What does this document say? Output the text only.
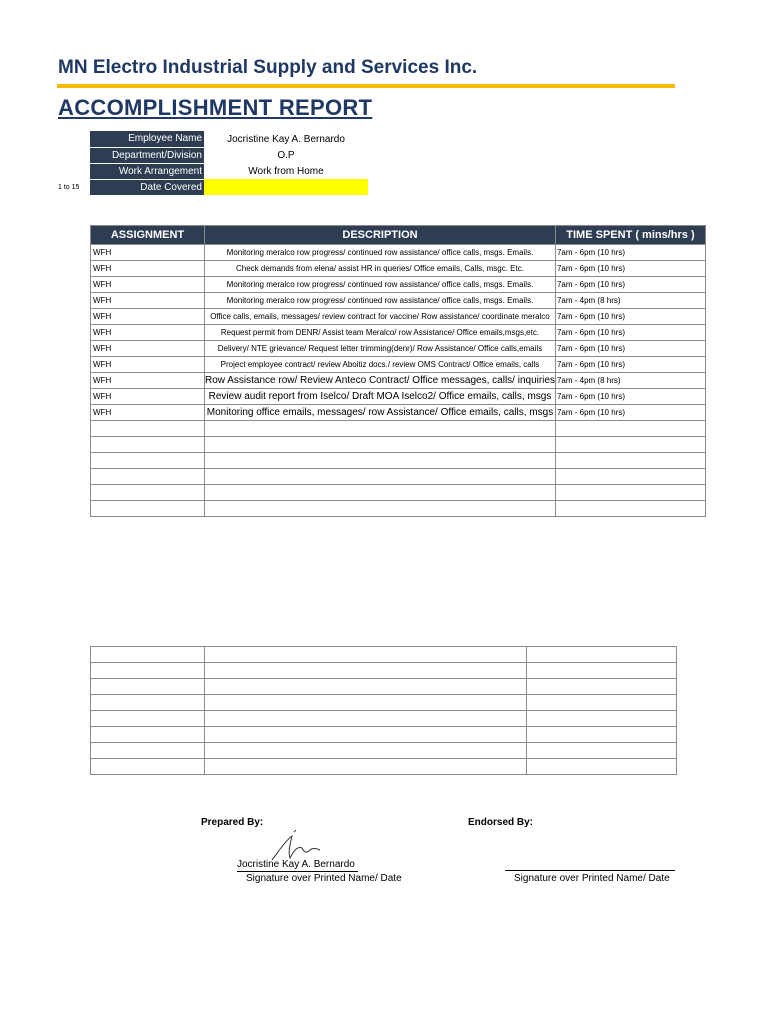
MN Electro Industrial Supply and Services Inc.
ACCOMPLISHMENT REPORT
Employee Name	Jocristine Kay A. Bernardo
Department/Division	O.P
Work Arrangement	Work from Home
Date Covered	
1 to 15
ASSIGNMENT	DESCRIPTION	TIME SPENT ( mins/hrs )
WFH	Monitoring meralco row progress/ continued row assistance/ office calls, msgs. Emails.	7am - 6pm (10 hrs)
WFH	Check demands from elena/ assist HR in queries/ Office emails, Calls, msgc. Etc.	7am - 6pm (10 hrs)
WFH	Monitoring meralco row progress/ continued row assistance/ office calls, msgs. Emails.	7am - 6pm (10 hrs)
WFH	Monitoring meralco row progress/ continued row assistance/ office calls, msgs. Emails.	7am - 4pm (8 hrs)
WFH	Office calls, emails, messages/ review contract for vaccine/ Row assistance/ coordinate meralco	7am - 6pm (10 hrs)
WFH	Request permit from DENR/ Assist team Meralco/ row Assistance/ Office emails,msgs,etc.	7am - 6pm (10 hrs)
WFH	Delivery/ NTE grievance/ Request letter trimming(denr)/ Row Assistance/ Office calls,emails	7am - 6pm (10 hrs)
WFH	Project employee contract/ review Aboitiz docs./ review OMS Contract/ Office emails, calls	7am - 6pm (10 hrs)
WFH	Row Assistance row/ Review Anteco Contract/ Office messages, calls/ inquiries	7am - 4pm (8 hrs)
WFH	Review audit report from Iselco/ Draft MOA Iselco2/ Office emails, calls, msgs	7am - 6pm (10 hrs)
WFH	Monitoring office emails, messages/ row Assistance/ Office emails, calls, msgs	7am - 6pm (10 hrs)

Prepared By:	Endorsed By:
Jocristine Kay A. Bernardo
Signature over Printed Name/ Date	Signature over Printed Name/ Date
